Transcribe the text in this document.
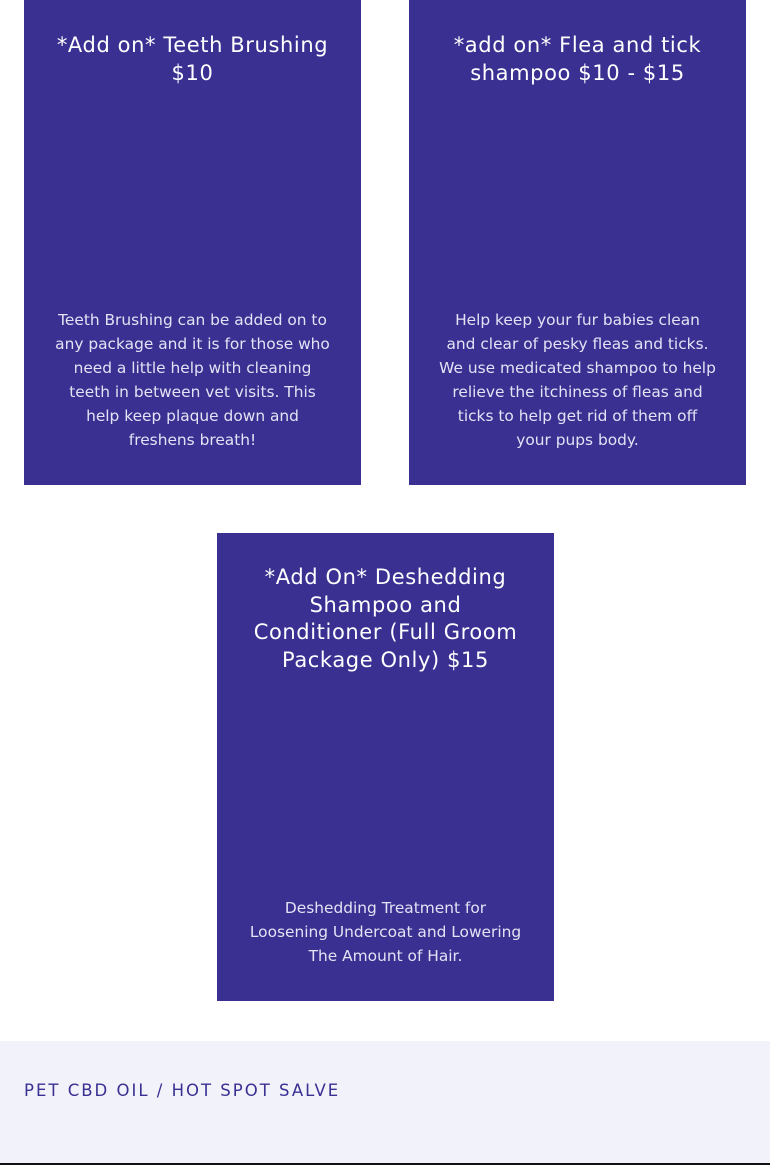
*Add on* Teeth Brushing $10

Teeth Brushing can be added on to any package and it is for those who need a little help with cleaning teeth in between vet visits. This help keep plaque down and freshens breath!

*add on* Flea and tick shampoo $10 - $15

Help keep your fur babies clean and clear of pesky fleas and ticks. We use medicated shampoo to help relieve the itchiness of fleas and ticks to help get rid of them off your pups body.

*Add On* Deshedding Shampoo and Conditioner (Full Groom Package Only) $15

Deshedding Treatment for Loosening Undercoat and Lowering The Amount of Hair.

PET CBD OIL / HOT SPOT SALVE
